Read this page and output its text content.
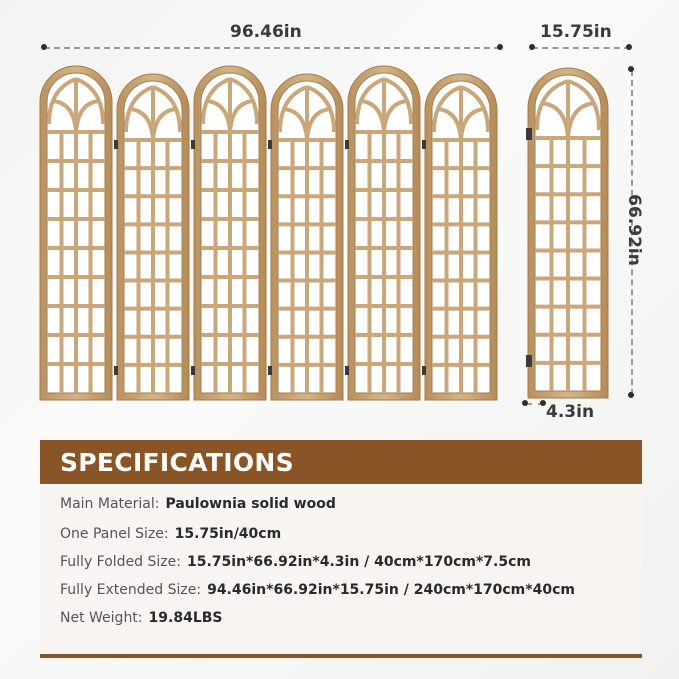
96.46in	15.75in
66.92in
4.3in
SPECIFICATIONS
Main Material: Paulownia solid wood
One Panel Size: 15.75in/40cm
Fully Folded Size: 15.75in*66.92in*4.3in / 40cm*170cm*7.5cm
Fully Extended Size: 94.46in*66.92in*15.75in / 240cm*170cm*40cm
Net Weight: 19.84LBS
